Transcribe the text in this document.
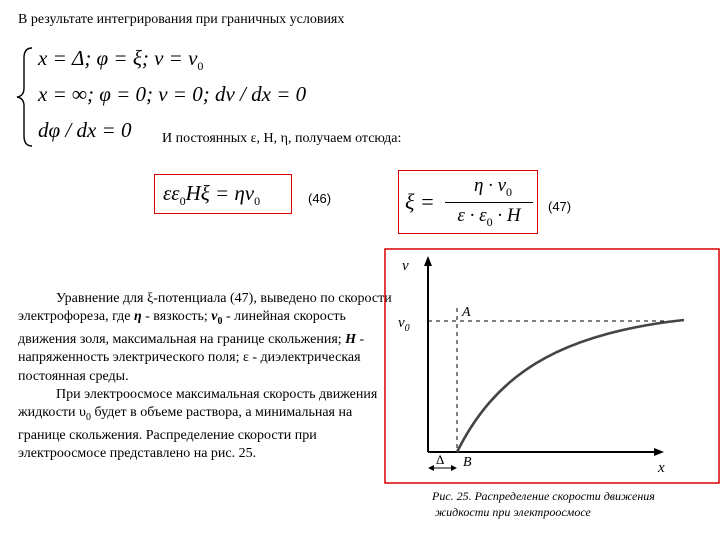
В результате интегрирования при граничных условиях
x = Δ; φ = ξ; $v = v_0$
x = ∞; φ = 0; v = 0; dv / dx = 0
dφ / dx = 0 И постоянных ε, Н, η, получаем отсюда:
$\varepsilon\varepsilon_0H\xi = \eta v_0$	(46)	ξ =
$\eta \cdot v_0$
$\varepsilon \cdot \varepsilon_0 \cdot H$	(47)

Уравнение для ξ-потенциала (47), выведено по скорости электрофореза, где η - вязкость; $v_0$ - линейная скорость движения золя, максимальная на границе скольжения; Н - напряженность электрического поля; ε - диэлектрическая постоянная среды.

При электроосмосе максимальная скорость движения жидкости $\upsilon_0$ будет в объеме раствора, а минимальная на границе скольжения. Распределение скорости при электроосмосе представлено на рис. 25.

v
x
$v_0$
A
B
Δ
Рис. 25. Распределение скорости движения
жидкости при электроосмосе
